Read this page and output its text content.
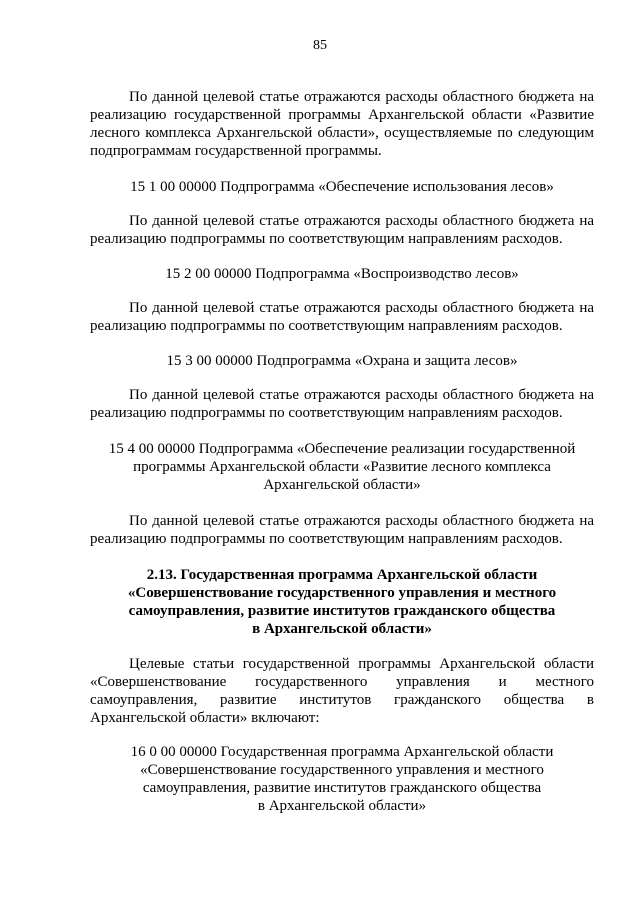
85
По данной целевой статье отражаются расходы областного бюджета на
реализацию государственной программы Архангельской области «Развитие
лесного комплекса Архангельской области», осуществляемые по следующим
подпрограммам государственной программы.
15 1 00 00000 Подпрограмма «Обеспечение использования лесов»
По данной целевой статье отражаются расходы областного бюджета на
реализацию подпрограммы по соответствующим направлениям расходов.
15 2 00 00000 Подпрограмма «Воспроизводство лесов»
По данной целевой статье отражаются расходы областного бюджета на
реализацию подпрограммы по соответствующим направлениям расходов.
15 3 00 00000 Подпрограмма «Охрана и защита лесов»
По данной целевой статье отражаются расходы областного бюджета на
реализацию подпрограммы по соответствующим направлениям расходов.
15 4 00 00000 Подпрограмма «Обеспечение реализации государственной
программы Архангельской области «Развитие лесного комплекса
Архангельской области»
По данной целевой статье отражаются расходы областного бюджета на
реализацию подпрограммы по соответствующим направлениям расходов.
2.13. Государственная программа Архангельской области
«Совершенствование государственного управления и местного
самоуправления, развитие институтов гражданского общества
в Архангельской области»
Целевые статьи государственной программы Архангельской области
«Совершенствование государственного управления и местного
самоуправления, развитие институтов гражданского общества в
Архангельской области» включают:
16 0 00 00000 Государственная программа Архангельской области
«Совершенствование государственного управления и местного
самоуправления, развитие институтов гражданского общества
в Архангельской области»
